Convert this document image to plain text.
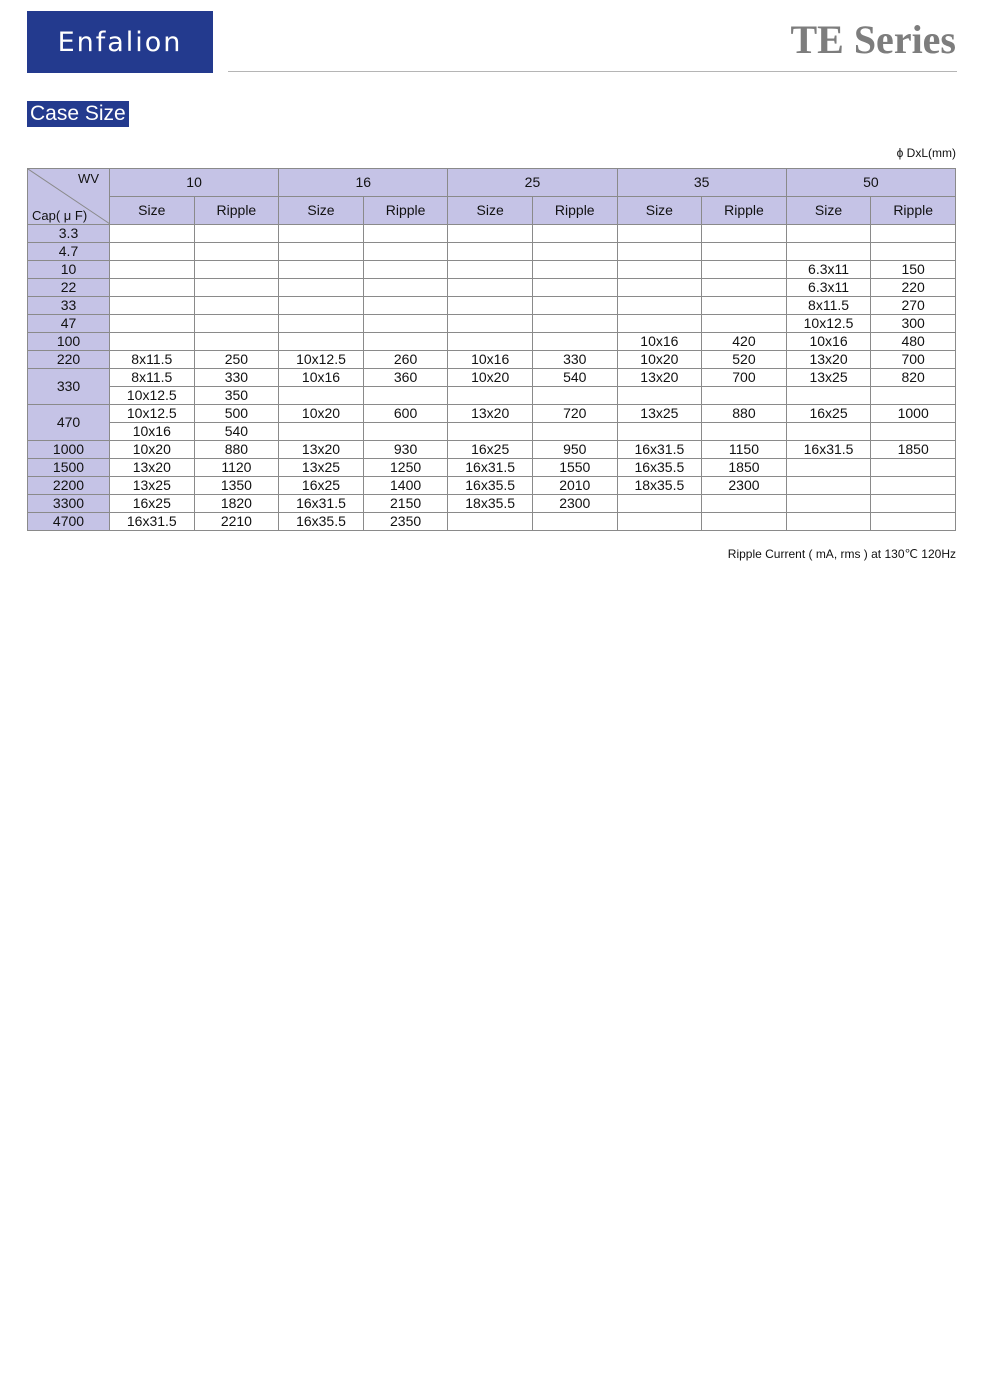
Enfalion	TE Series
Case Size
ϕ DxL(mm)
WV
Cap( μ F)	10		16		25		35		50	
	Size	Ripple	Size	Ripple	Size	Ripple	Size	Ripple	Size	Ripple
3.3										
4.7										
10									6.3x11	150
22									6.3x11	220
33									8x11.5	270
47									10x12.5	300
100							10x16	420	10x16	480
220	8x11.5	250	10x12.5	260	10x16	330	10x20	520	13x20	700
330	8x11.5	330	10x16	360	10x20	540	13x20	700	13x25	820
	10x12.5	350								
470	10x12.5	500	10x20	600	13x20	720	13x25	880	16x25	1000
	10x16	540								
1000	10x20	880	13x20	930	16x25	950	16x31.5	1150	16x31.5	1850
1500	13x20	1120	13x25	1250	16x31.5	1550	16x35.5	1850		
2200	13x25	1350	16x25	1400	16x35.5	2010	18x35.5	2300		
3300	16x25	1820	16x31.5	2150	18x35.5	2300				
4700	16x31.5	2210	16x35.5	2350						
Ripple Current ( mA, rms ) at 130℃ 120Hz
